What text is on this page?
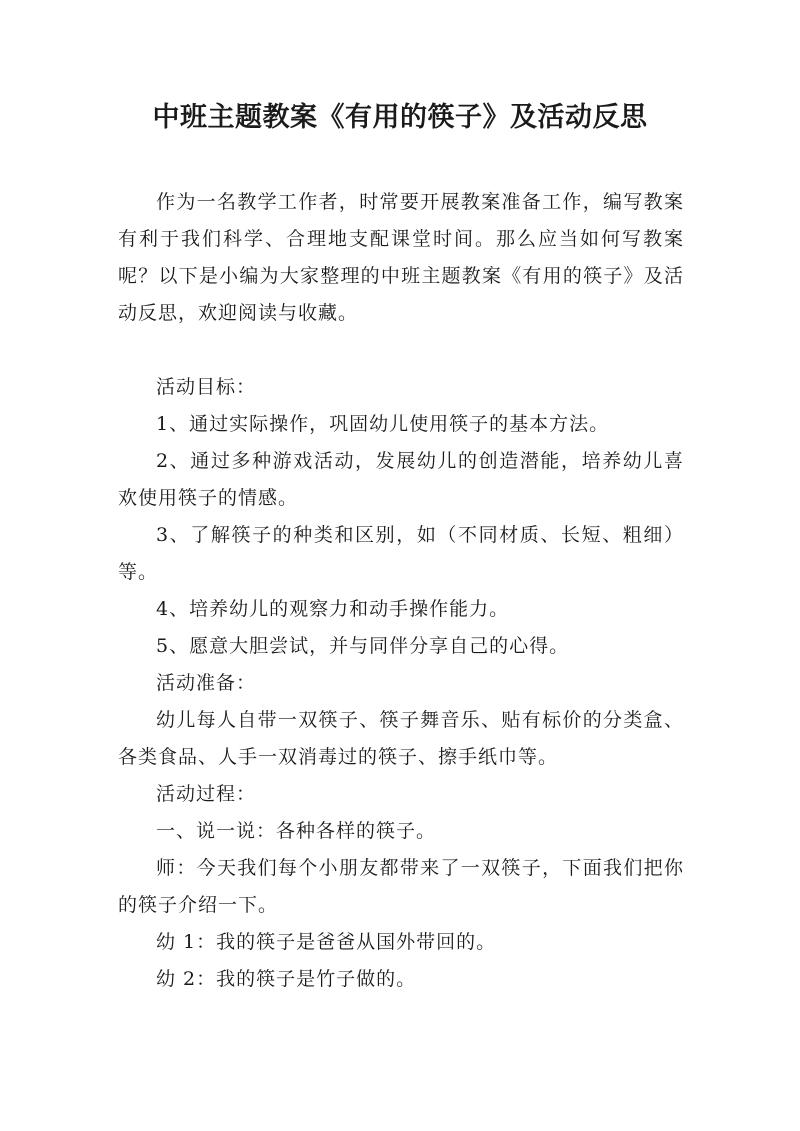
中班主题教案《有用的筷子》及活动反思

作为一名教学工作者，时常要开展教案准备工作，编写教案有利于我们科学、合理地支配课堂时间。那么应当如何写教案呢？以下是小编为大家整理的中班主题教案《有用的筷子》及活动反思，欢迎阅读与收藏。

活动目标：

1、通过实际操作，巩固幼儿使用筷子的基本方法。

2、通过多种游戏活动，发展幼儿的创造潜能，培养幼儿喜欢使用筷子的情感。

3、了解筷子的种类和区别，如（不同材质、长短、粗细）等。

4、培养幼儿的观察力和动手操作能力。

5、愿意大胆尝试，并与同伴分享自己的心得。

活动准备：

幼儿每人自带一双筷子、筷子舞音乐、贴有标价的分类盒、各类食品、人手一双消毒过的筷子、擦手纸巾等。

活动过程：

一、说一说：各种各样的筷子。

师：今天我们每个小朋友都带来了一双筷子，下面我们把你的筷子介绍一下。

幼 1：我的筷子是爸爸从国外带回的。

幼 2：我的筷子是竹子做的。
